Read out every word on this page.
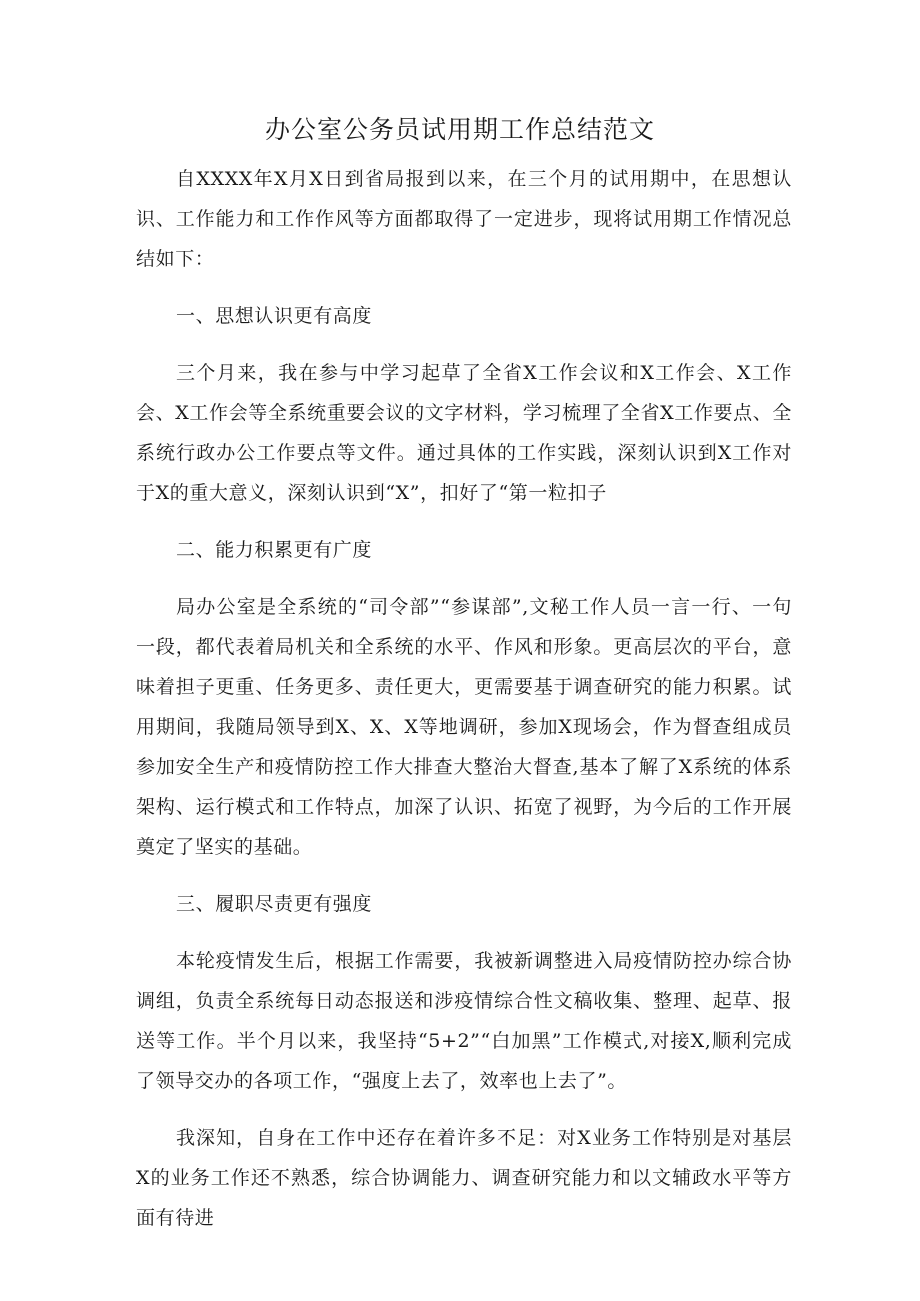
办公室公务员试用期工作总结范文

自XXXX年X月X日到省局报到以来，在三个月的试用期中，在思想认识、工作能力和工作作风等方面都取得了一定进步，现将试用期工作情况总结如下：

一、思想认识更有高度

三个月来，我在参与中学习起草了全省X工作会议和X工作会、X工作会、X工作会等全系统重要会议的文字材料，学习梳理了全省X工作要点、全系统行政办公工作要点等文件。通过具体的工作实践，深刻认识到X工作对于X的重大意义，深刻认识到“X”，扣好了“第一粒扣子

二、能力积累更有广度

局办公室是全系统的“司令部”“参谋部”,文秘工作人员一言一行、一句一段，都代表着局机关和全系统的水平、作风和形象。更高层次的平台，意味着担子更重、任务更多、责任更大，更需要基于调查研究的能力积累。试用期间，我随局领导到X、X、X等地调研，参加X现场会，作为督查组成员参加安全生产和疫情防控工作大排查大整治大督查,基本了解了X系统的体系架构、运行模式和工作特点，加深了认识、拓宽了视野，为今后的工作开展奠定了坚实的基础。

三、履职尽责更有强度

本轮疫情发生后，根据工作需要，我被新调整进入局疫情防控办综合协调组，负责全系统每日动态报送和涉疫情综合性文稿收集、整理、起草、报送等工作。半个月以来，我坚持“5+2”“白加黑”工作模式,对接X,顺利完成了领导交办的各项工作，“强度上去了，效率也上去了”。

我深知，自身在工作中还存在着许多不足：对X业务工作特别是对基层X的业务工作还不熟悉，综合协调能力、调查研究能力和以文辅政水平等方面有待进
